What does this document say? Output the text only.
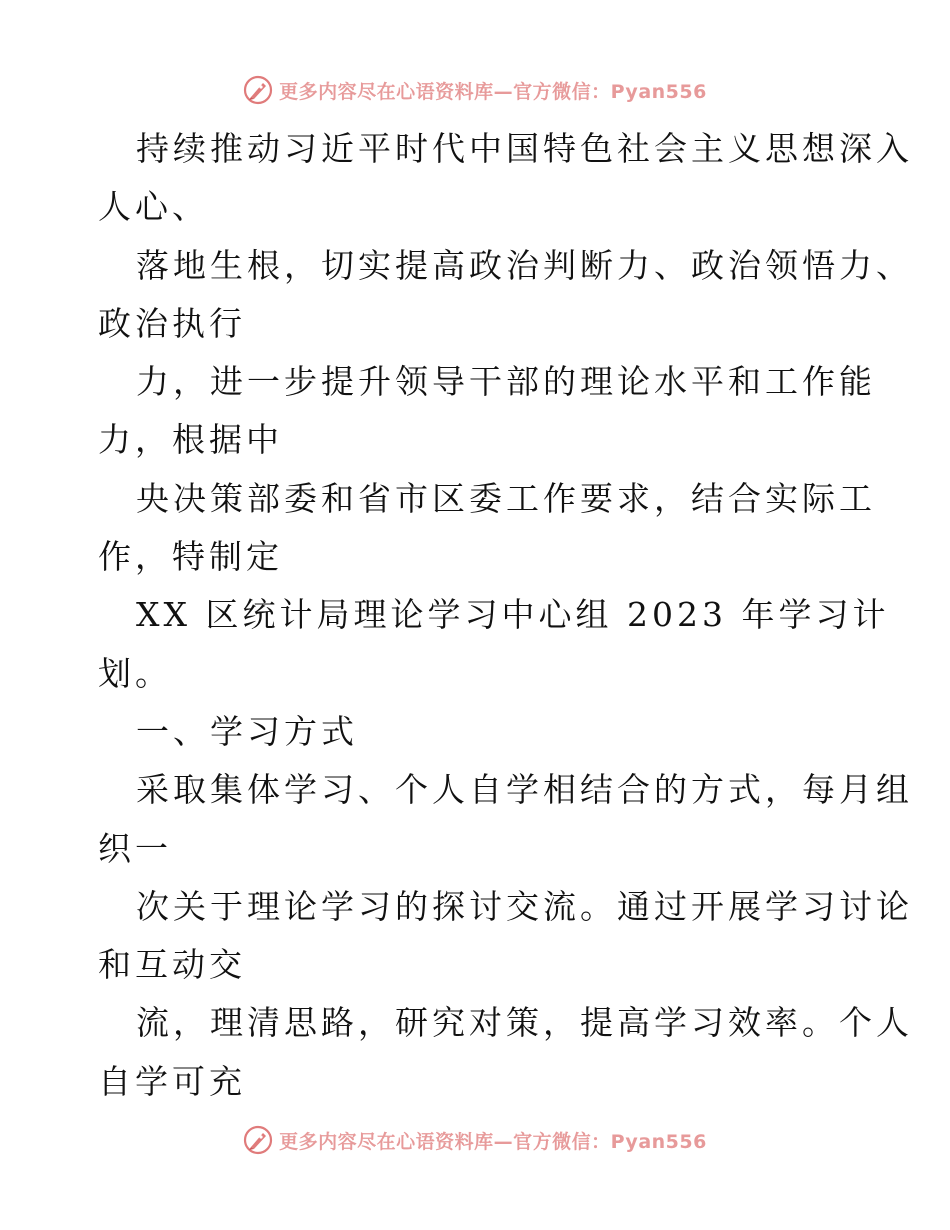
更多内容尽在心语资料库—官方微信：Pyan556
持续推动习近平时代中国特色社会主义思想深入
人心、
落地生根，切实提高政治判断力、政治领悟力、
政治执行
力，进一步提升领导干部的理论水平和工作能
力，根据中
央决策部委和省市区委工作要求，结合实际工
作，特制定
XX 区统计局理论学习中心组 2023 年学习计
划。
一、学习方式
采取集体学习、个人自学相结合的方式，每月组
织一
次关于理论学习的探讨交流。通过开展学习讨论
和互动交
流，理清思路，研究对策，提高学习效率。个人
自学可充
更多内容尽在心语资料库—官方微信：Pyan556
